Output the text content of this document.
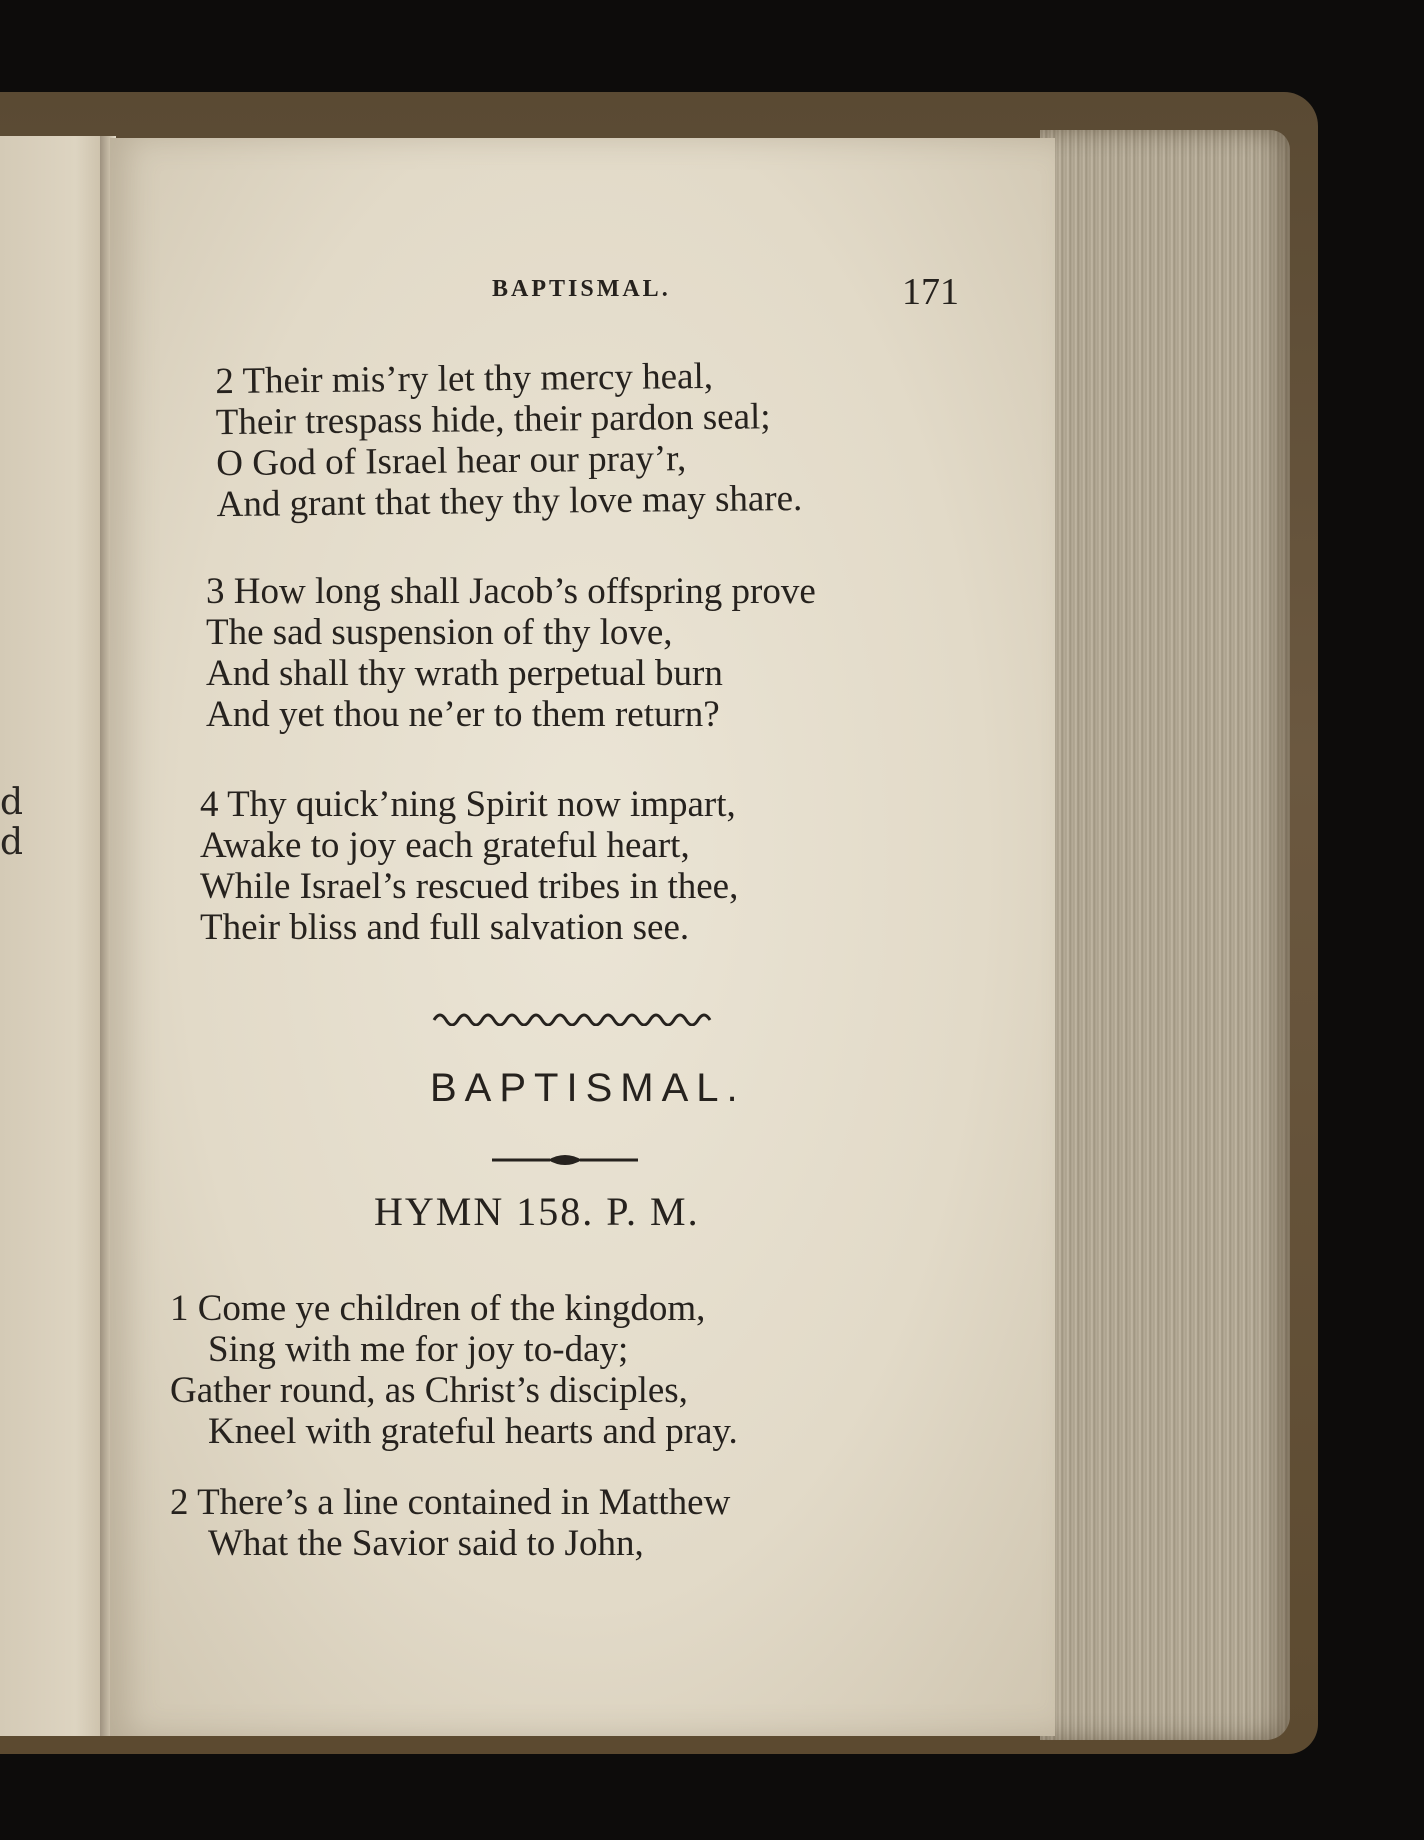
d
d

BAPTISMAL.	171

2 Their mis’ry let thy mercy heal,
Their trespass hide, their pardon seal;
O God of Israel hear our pray’r,
And grant that they thy love may share.
3 How long shall Jacob’s offspring prove
The sad suspension of thy love,
And shall thy wrath perpetual burn
And yet thou ne’er to them return?
4 Thy quick’ning Spirit now impart,
Awake to joy each grateful heart,
While Israel’s rescued tribes in thee,
Their bliss and full salvation see.

BAPTISMAL.

HYMN 158. P. M.

1 Come ye children of the kingdom,
Sing with me for joy to-day;
Gather round, as Christ’s disciples,
Kneel with grateful hearts and pray.
2 There’s a line contained in Matthew
What the Savior said to John,
